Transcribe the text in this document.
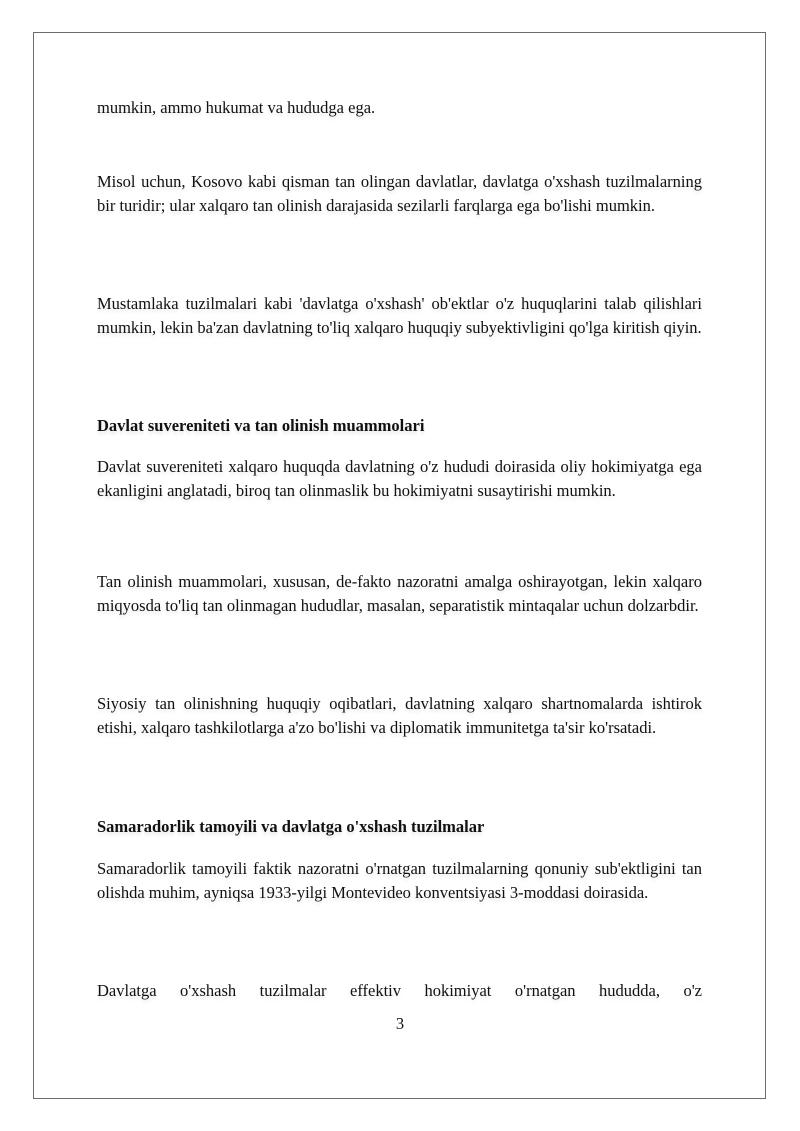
mumkin, ammo hukumat va hududga ega.

Misol uchun, Kosovo kabi qisman tan olingan davlatlar, davlatga o'xshash tuzilmalarning bir turidir; ular xalqaro tan olinish darajasida sezilarli farqlarga ega bo'lishi mumkin.

Mustamlaka tuzilmalari kabi 'davlatga o'xshash' ob'ektlar o'z huquqlarini talab qilishlari mumkin, lekin ba'zan davlatning to'liq xalqaro huquqiy subyektivligini qo'lga kiritish qiyin.

Davlat suvereniteti va tan olinish muammolari

Davlat suvereniteti xalqaro huquqda davlatning o'z hududi doirasida oliy hokimiyatga ega ekanligini anglatadi, biroq tan olinmaslik bu hokimiyatni susaytirishi mumkin.

Tan olinish muammolari, xususan, de-fakto nazoratni amalga oshirayotgan, lekin xalqaro miqyosda to'liq tan olinmagan hududlar, masalan, separatistik mintaqalar uchun dolzarbdir.

Siyosiy tan olinishning huquqiy oqibatlari, davlatning xalqaro shartnomalarda ishtirok etishi, xalqaro tashkilotlarga a'zo bo'lishi va diplomatik immunitetga ta'sir ko'rsatadi.

Samaradorlik tamoyili va davlatga o'xshash tuzilmalar

Samaradorlik tamoyili faktik nazoratni o'rnatgan tuzilmalarning qonuniy sub'ektligini tan olishda muhim, ayniqsa 1933-yilgi Montevideo konventsiyasi 3-moddasi doirasida.

Davlatga o'xshash tuzilmalar effektiv hokimiyat o'rnatgan hududda, o'z

3
